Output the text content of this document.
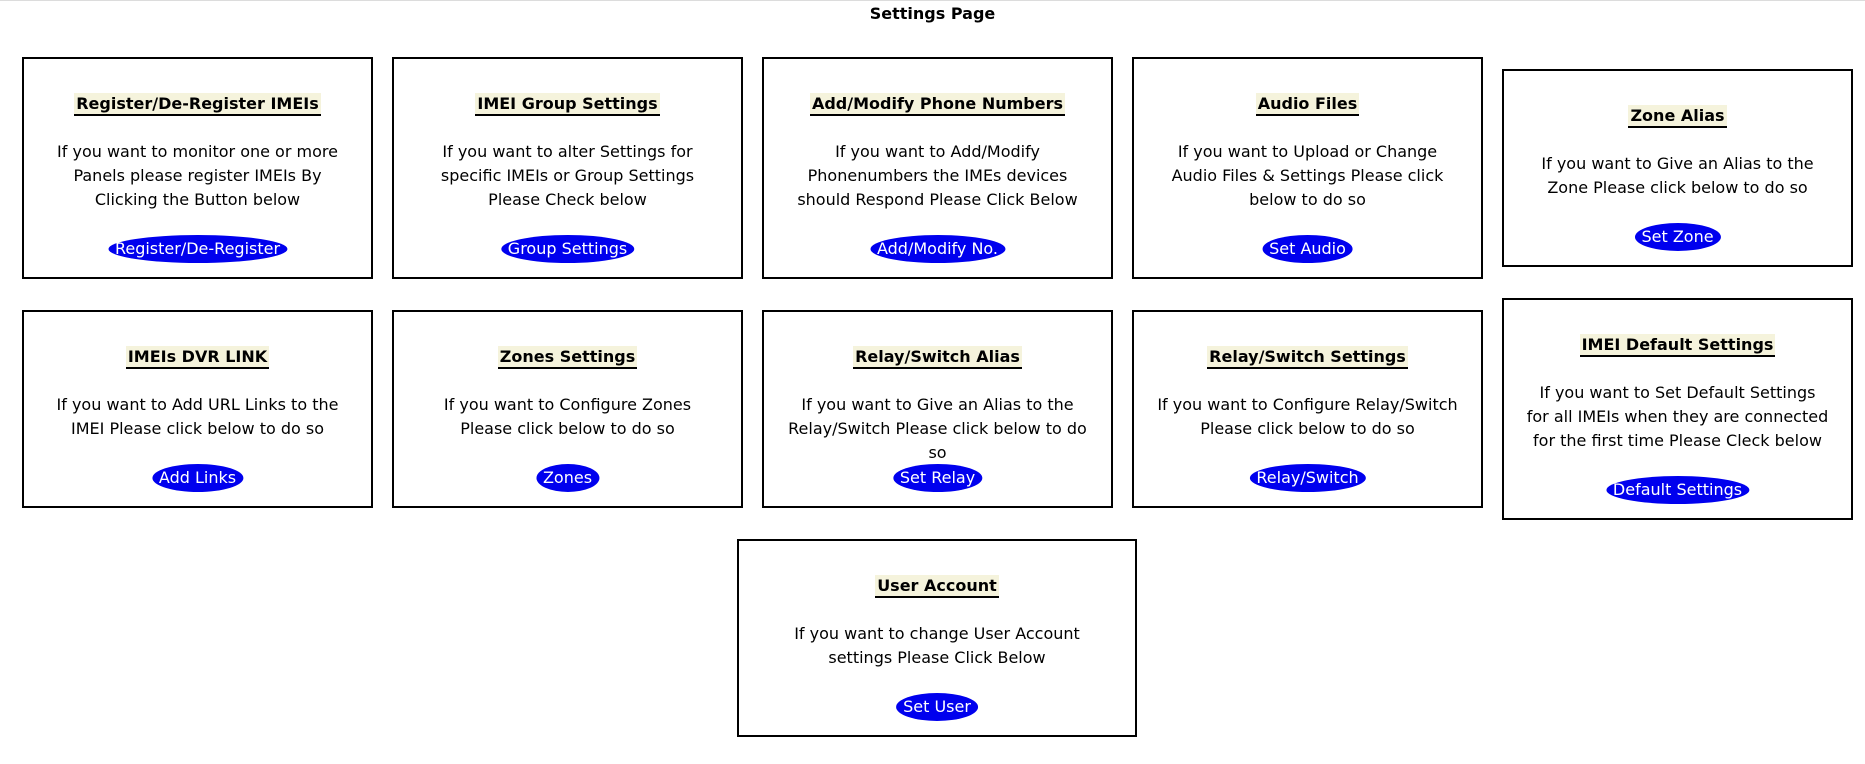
Settings Page
Register/De-Register IMEIs
If you want to monitor one or more Panels please register IMEIs By Clicking the Button below
Register/De-Register
IMEI Group Settings
If you want to alter Settings for specific IMEIs or Group Settings Please Check below
Group Settings
Add/Modify Phone Numbers
If you want to Add/Modify Phonenumbers the IMEs devices should Respond Please Click Below
Add/Modify No.
Audio Files
If you want to Upload or Change Audio Files & Settings Please click below to do so
Set Audio
Zone Alias
If you want to Give an Alias to the Zone Please click below to do so
Set Zone
IMEIs DVR LINK
If you want to Add URL Links to the IMEI Please click below to do so
Add Links
Zones Settings
If you want to Configure Zones Please click below to do so
Zones
Relay/Switch Alias
If you want to Give an Alias to the Relay/Switch Please click below to do so
Set Relay
Relay/Switch Settings
If you want to Configure Relay/Switch Please click below to do so
Relay/Switch
IMEI Default Settings
If you want to Set Default Settings for all IMEIs when they are connected for the first time Please Cleck below
Default Settings
User Account
If you want to change User Account settings Please Click Below
Set User
